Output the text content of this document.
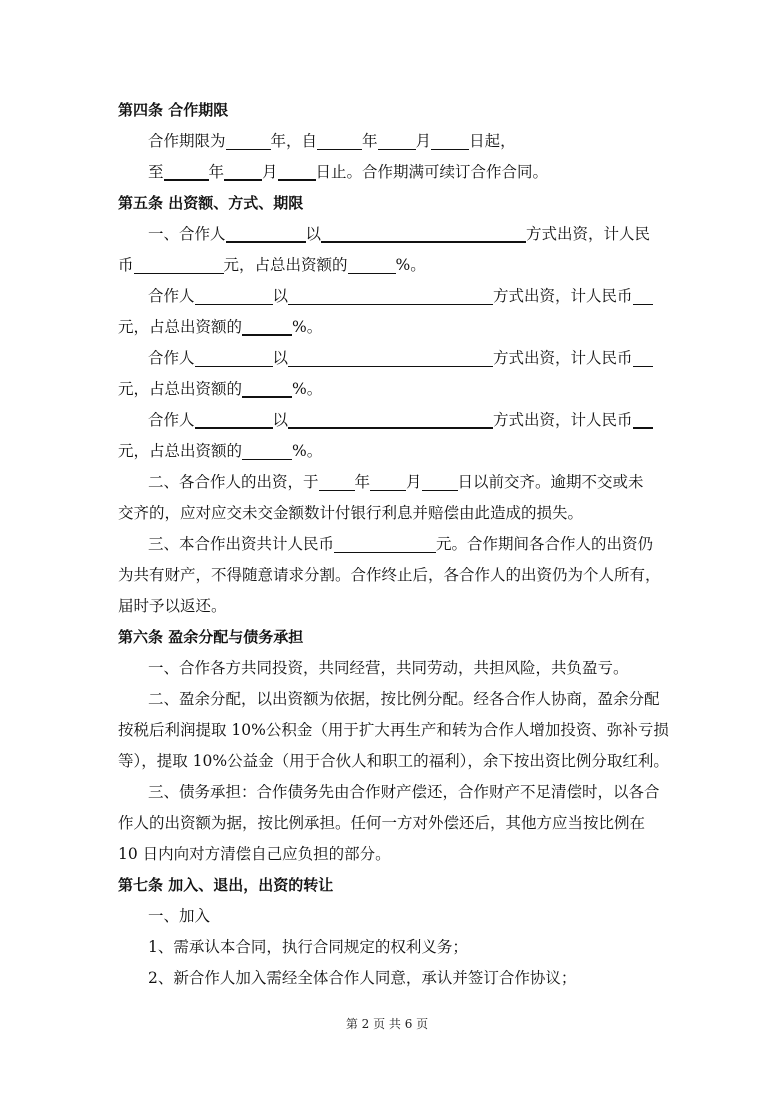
第四条 合作期限
合作期限为	年，自	年 月 日起，
至	年 月 日止。合作期满可续订合作合同。
第五条 出资额、方式、期限
一、合作人	以	方式出资，计人民
币	元，占总出资额的	%。
合作人	以	方式出资，计人民币
元，占总出资额的	%。
合作人	以	方式出资，计人民币
元，占总出资额的	%。
合作人	以	方式出资，计人民币
元，占总出资额的	%。
二、各合作人的出资，于 年 月 日以前交齐。逾期不交或未
交齐的，应对应交未交金额数计付银行利息并赔偿由此造成的损失。
三、本合作出资共计人民币	元。合作期间各合作人的出资仍
为共有财产，不得随意请求分割。合作终止后，各合作人的出资仍为个人所有，
届时予以返还。
第六条 盈余分配与债务承担
一、合作各方共同投资，共同经营，共同劳动，共担风险，共负盈亏。
二、盈余分配，以出资额为依据，按比例分配。经各合作人协商，盈余分配
按税后利润提取 10%公积金（用于扩大再生产和转为合作人增加投资、弥补亏损
等），提取 10%公益金（用于合伙人和职工的福利），余下按出资比例分取红利。
三、债务承担：合作债务先由合作财产偿还，合作财产不足清偿时，以各合
作人的出资额为据，按比例承担。任何一方对外偿还后，其他方应当按比例在
10 日内向对方清偿自己应负担的部分。
第七条 加入、退出，出资的转让
一、加入
1、需承认本合同，执行合同规定的权利义务；
2、新合作人加入需经全体合作人同意，承认并签订合作协议；
第 2 页 共 6 页
